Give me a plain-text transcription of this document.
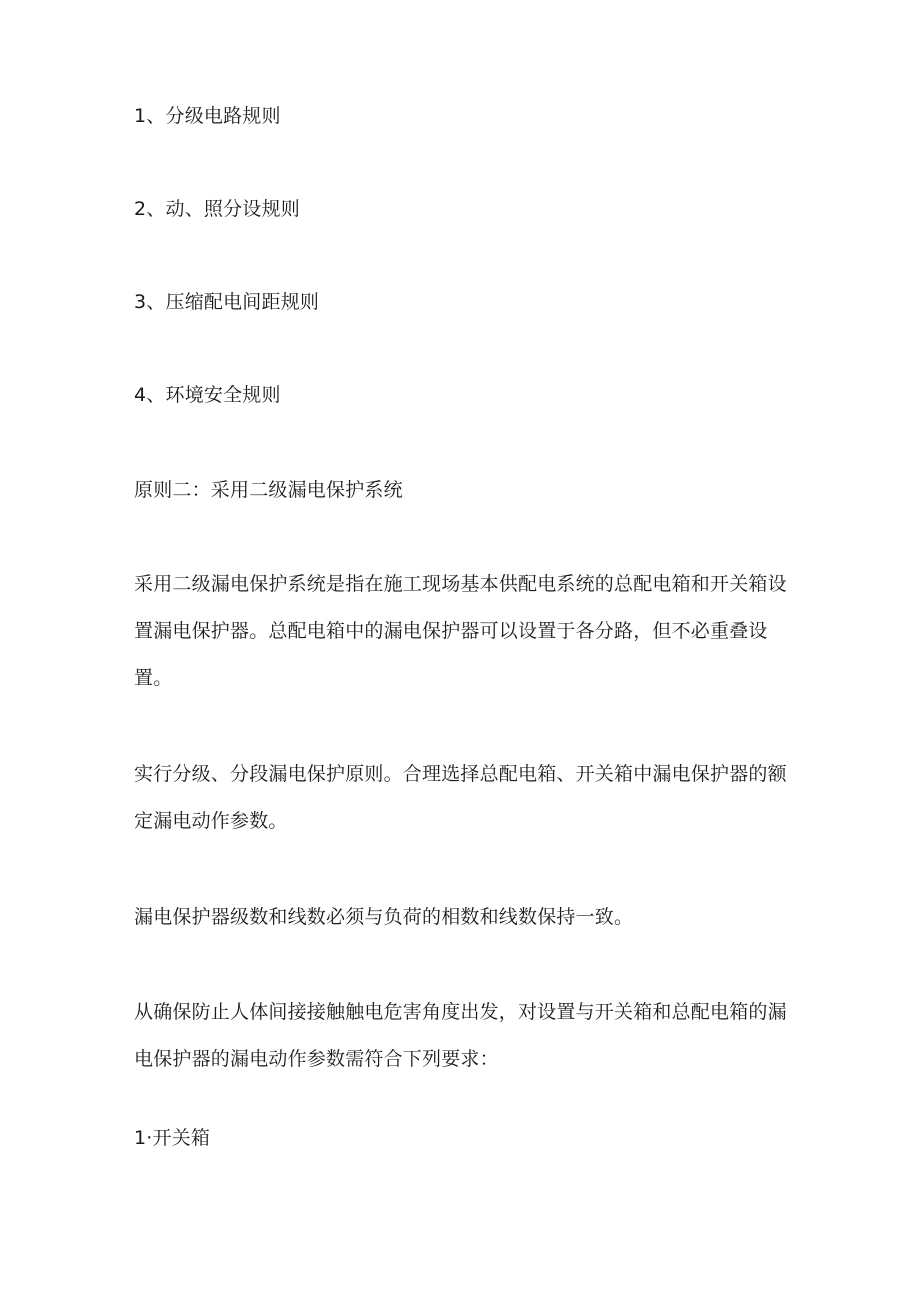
1、分级电路规则
2、动、照分设规则
3、压缩配电间距规则
4、环境安全规则
原则二：采用二级漏电保护系统
采用二级漏电保护系统是指在施工现场基本供配电系统的总配电箱和开关箱设置漏电保护器。总配电箱中的漏电保护器可以设置于各分路，但不必重叠设置。
实行分级、分段漏电保护原则。合理选择总配电箱、开关箱中漏电保护器的额定漏电动作参数。
漏电保护器级数和线数必须与负荷的相数和线数保持一致。
从确保防止人体间接接触触电危害角度出发，对设置与开关箱和总配电箱的漏电保护器的漏电动作参数需符合下列要求：
1·开关箱
